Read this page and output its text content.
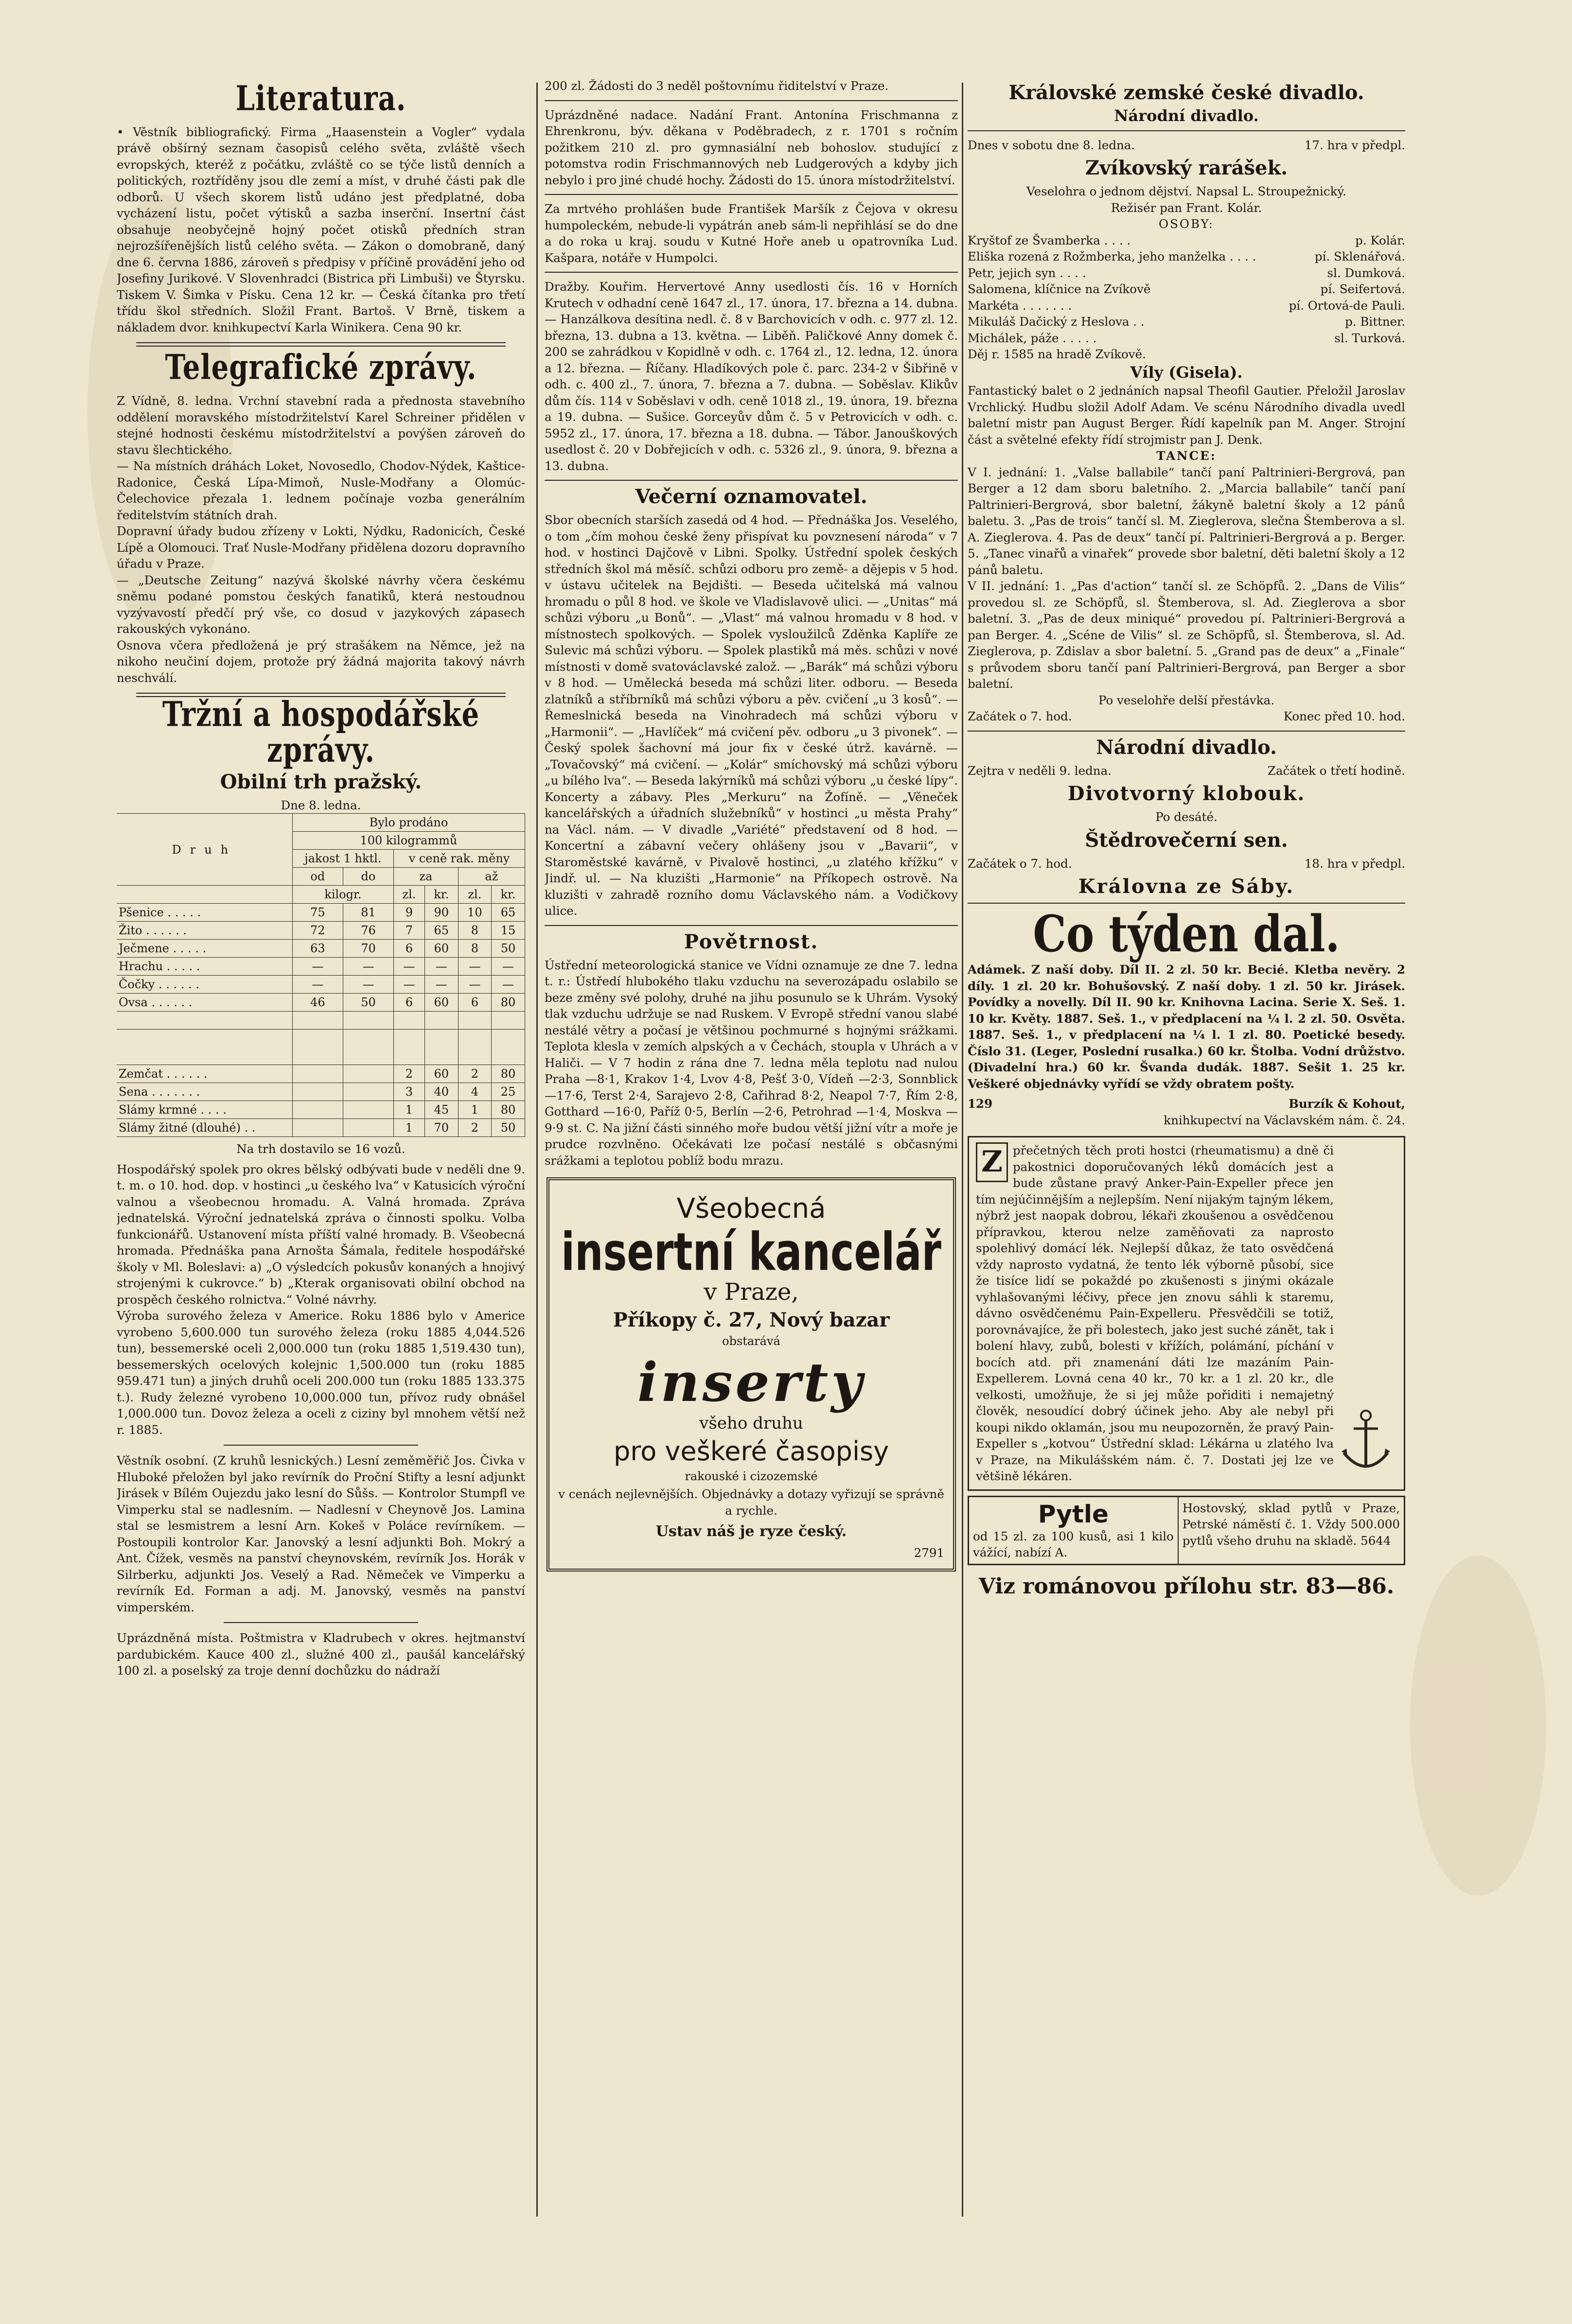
Literatura.

• Věstník bibliografický. Firma „Haasenstein a Vogler“ vydala právě obšírný seznam časopisů celého světa, zvláště všech evropských, kteréž z počátku, zvláště co se týče listů denních a politických, roztříděny jsou dle zemí a míst, v druhé části pak dle odborů. U všech skorem listů udáno jest předplatné, doba vycházení listu, počet výtisků a sazba inserční. Insertní část obsahuje neobyčejně hojný počet otisků předních stran nejrozšířenějších listů celého světa. — Zákon o domobraně, daný dne 6. června 1886, zároveň s předpisy v příčině provádění jeho od Josefiny Jurikové. V Slovenhradci (Bistrica při Limbuši) ve Štyrsku. Tiskem V. Šimka v Písku. Cena 12 kr. — Česká čítanka pro třetí třídu škol středních. Složil Frant. Bartoš. V Brně, tiskem a nákladem dvor. knihkupectví Karla Winikera. Cena 90 kr.

Telegrafické zprávy.

Z Vídně, 8. ledna. Vrchní stavební rada a přednosta stavebního oddělení moravského místodržitelství Karel Schreiner přidělen v stejné hodnosti českému místodržitelství a povýšen zároveň do stavu šlechtického.

— Na místních dráhách Loket, Novosedlo, Chodov-Nýdek, Kaštice-Radonice, Česká Lípa-Mimoň, Nusle-Modřany a Olomúc-Čelechovice přezala 1. lednem počínaje vozba generálním ředitelstvím státních drah.

Dopravní úřady budou zřízeny v Lokti, Nýdku, Radonicích, České Lípě a Olomouci. Trať Nusle-Modřany přidělena dozoru dopravního úřadu v Praze.

— „Deutsche Zeitung“ nazývá školské návrhy včera českému sněmu podané pomstou českých fanatiků, která nestoudnou vyzývavostí předčí prý vše, co dosud v jazykových zápasech rakouských vykonáno.

Osnova včera předložená je prý strašákem na Němce, jež na nikoho neučiní dojem, protože prý žádná majorita takový návrh neschválí.

Tržní a hospodářské zprávy.
Obilní trh pražský.

Dne 8. ledna.

Druh	Bylo prodáno					
	100 kilogrammů					
	jakost 1 hktl.		v ceně rak. měny			
	od	do	za		až	
	kilogr.		zl.	kr.	zl.	kr.
Pšenice . . . . .	75	81	9	90	10	65
Žito . . . . . .	72	76	7	65	8	15
Ječmene . . . . .	63	70	6	60	8	50
Hrachu . . . . .	—	—	—	—	—	—
Čočky . . . . . .	—	—	—	—	—	—
Ovsa . . . . . .	46	50	6	60	6	80

Zemčat . . . . . .			2	60	2	80
Sena . . . . . . .			3	40	4	25
Slámy krmné . . . .			1	45	1	80
Slámy žitné (dlouhé) . .			1	70	2	50

Na trh dostavilo se 16 vozů.

Hospodářský spolek pro okres bělský odbývati bude v neděli dne 9. t. m. o 10. hod. dop. v hostinci „u českého lva“ v Katusicích výroční valnou a všeobecnou hromadu. A. Valná hromada. Zpráva jednatelská. Výroční jednatelská zpráva o činnosti spolku. Volba funkcionářů. Ustanovení místa příští valné hromady. B. Všeobecná hromada. Přednáška pana Arnošta Šámala, ředitele hospodářské školy v Ml. Boleslavi: a) „O výsledcích pokusův konaných a hnojivý strojenými k cukrovce.“ b) „Kterak organisovati obilní obchod na prospěch českého rolnictva.“ Volné návrhy.

Výroba surového železa v Americe. Roku 1886 bylo v Americe vyrobeno 5,600.000 tun surového železa (roku 1885 4,044.526 tun), bessemerské oceli 2,000.000 tun (roku 1885 1,519.430 tun), bessemerských ocelových kolejnic 1,500.000 tun (roku 1885 959.471 tun) a jiných druhů oceli 200.000 tun (roku 1885 133.375 t.). Rudy železné vyrobeno 10,000.000 tun, přívoz rudy obnášel 1,000.000 tun. Dovoz železa a oceli z ciziny byl mnohem větší než r. 1885.

Věstník osobní. (Z kruhů lesnických.) Lesní zeměměřič Jos. Čivka v Hluboké přeložen byl jako revírník do Proční Stifty a lesní adjunkt Jirásek v Bílém Oujezdu jako lesní do Sůšs. — Kontrolor Stumpfl ve Vimperku stal se nadlesním. — Nadlesní v Cheynově Jos. Lamina stal se lesmistrem a lesní Arn. Kokeš v Poláce revírníkem. — Postoupili kontrolor Kar. Janovský a lesní adjunkti Boh. Mokrý a Ant. Čížek, vesměs na panství cheynovském, revírník Jos. Horák v Silrberku, adjunkti Jos. Veselý a Rad. Němeček ve Vimperku a revírník Ed. Forman a adj. M. Janovský, vesměs na panství vimperském.

Uprázdněná místa. Poštmistra v Kladrubech v okres. hejtmanství pardubickém. Kauce 400 zl., služné 400 zl., paušál kancelářský 100 zl. a poselský za troje denní dochůzku do nádraží

200 zl. Žádosti do 3 neděl poštovnímu řiditelství v Praze.

Uprázdněné nadace. Nadání Frant. Antonína Frischmanna z Ehrenkronu, býv. děkana v Poděbradech, z r. 1701 s ročním požitkem 210 zl. pro gymnasiální neb bohoslov. studující z potomstva rodin Frischmannových neb Ludgerových a kdyby jich nebylo i pro jiné chudé hochy. Žádosti do 15. února místodržitelství.

Za mrtvého prohlášen bude František Maršík z Čejova v okresu humpoleckém, nebude-li vypátrán aneb sám-li nepřihlásí se do dne a do roka u kraj. soudu v Kutné Hoře aneb u opatrovníka Lud. Kašpara, notáře v Humpolci.

Dražby. Kouřim. Hervertové Anny usedlosti čís. 16 v Horních Krutech v odhadní ceně 1647 zl., 17. února, 17. března a 14. dubna. — Hanzálkova desítina nedl. č. 8 v Barchovicích v odh. c. 977 zl. 12. března, 13. dubna a 13. května. — Liběň. Paličkové Anny domek č. 200 se zahrádkou v Kopidlně v odh. c. 1764 zl., 12. ledna, 12. února a 12. března. — Říčany. Hladíkových pole č. parc. 234-2 v Šibřině v odh. c. 400 zl., 7. února, 7. března a 7. dubna. — Soběslav. Klikův dům čís. 114 v Soběslavi v odh. ceně 1018 zl., 19. února, 19. března a 19. dubna. — Sušice. Gorceyův dům č. 5 v Petrovicích v odh. c. 5952 zl., 17. února, 17. března a 18. dubna. — Tábor. Janouškových usedlost č. 20 v Dobřejicích v odh. c. 5326 zl., 9. února, 9. března a 13. dubna.

Večerní oznamovatel.

Sbor obecních starších zasedá od 4 hod. — Přednáška Jos. Veselého, o tom „čím mohou české ženy přispívat ku povznesení národa“ v 7 hod. v hostinci Dajčově v Libni. Spolky. Ústřední spolek českých středních škol má měsíč. schůzi odboru pro země- a dějepis v 5 hod. v ústavu učitelek na Bejdišti. — Beseda učitelská má valnou hromadu o půl 8 hod. ve škole ve Vladislavově ulici. — „Unitas“ má schůzi výboru „u Bonů“. — „Vlast“ má valnou hromadu v 8 hod. v místnostech spolkových. — Spolek vysloužilců Zděnka Kaplíře ze Sulevic má schůzi výboru. — Spolek plastiků má měs. schůzi v nové místnosti v domě svatováclavské založ. — „Barák“ má schůzi výboru v 8 hod. — Umělecká beseda má schůzi liter. odboru. — Beseda zlatníků a stříbrníků má schůzi výboru a pěv. cvičení „u 3 kosů“. — Řemeslnická beseda na Vinohradech má schůzi výboru v „Harmonii“. — „Havlíček“ má cvičení pěv. odboru „u 3 pivonek“. — Český spolek šachovní má jour fix v české útrž. kavárně. — „Tovačovský“ má cvičení. — „Kolár“ smíchovský má schůzi výboru „u bílého lva“. — Beseda lakýrníků má schůzi výboru „u české lípy“. Koncerty a zábavy. Ples „Merkuru“ na Žofíně. — „Věneček kancelářských a úřadních služebníků“ v hostinci „u města Prahy“ na Václ. nám. — V divadle „Variété“ představení od 8 hod. — Koncertní a zábavní večery ohlášeny jsou v „Bavarii“, v Staroměstské kavárně, v Pivalově hostinci, „u zlatého křížku“ v Jindř. ul. — Na kluzišti „Harmonie“ na Příkopech ostrově. Na kluzišti v zahradě rozního domu Václavského nám. a Vodičkovy ulice.

Povětrnost.

Ústřední meteorologická stanice ve Vídni oznamuje ze dne 7. ledna t. r.: Ústředí hlubokého tlaku vzduchu na severozápadu oslabilo se beze změny své polohy, druhé na jihu posunulo se k Uhrám. Vysoký tlak vzduchu udržuje se nad Ruskem. V Evropě střední vanou slabé nestálé větry a počasí je většinou pochmurné s hojnými srážkami. Teplota klesla v zemích alpských a v Čechách, stoupla v Uhrách a v Haliči. — V 7 hodin z rána dne 7. ledna měla teplotu nad nulou Praha —8·1, Krakov 1·4, Lvov 4·8, Pešť 3·0, Vídeň —2·3, Sonnblick —17·6, Terst 2·4, Sarajevo 2·8, Cařihrad 8·2, Neapol 7·7, Řím 2·8, Gotthard —16·0, Paříž 0·5, Berlín —2·6, Petrohrad —1·4, Moskva —9·9 st. C. Na jižní části sinného moře budou větší jižní vítr a moře je prudce rozvlněno. Očekávati lze počasí nestálé s občasnými srážkami a teplotou poblíž bodu mrazu.

Všeobecná
insertní kancelář
v Praze,
Příkopy č. 27, Nový bazar
obstarává
inserty
všeho druhu
pro veškeré časopisy
rakouské i cizozemské

v cenách nejlevnějších. Objednávky a dotazy vyřizují se správně a rychle.

Ustav náš je ryze český.

2791

Královské zemské české divadlo.
Národní divadlo.
Dnes v sobotu dne 8. ledna.	17. hra v předpl.
Zvíkovský rarášek.

Veselohra o jednom dějství. Napsal L. Stroupežnický.

Režisér pan Frant. Kolár.

OSOBY:

Kryštof ze Švamberka . . . .	p. Kolár.
Eliška rozená z Rožmberka, jeho manželka . . . .	pí. Sklenářová.
Petr, jejich syn . . . .	sl. Dumková.
Salomena, klíčnice na Zvíkově	pí. Seifertová.
Markéta . . . . . . .	pí. Ortová-de Pauli.
Mikuláš Dačický z Heslova . .	p. Bittner.
Michálek, páže . . . . .	sl. Turková.

Děj r. 1585 na hradě Zvíkově.

Víly (Gisela).

Fantastický balet o 2 jednáních napsal Theofil Gautier. Přeložil Jaroslav Vrchlický. Hudbu složil Adolf Adam. Ve scénu Národního divadla uvedl baletní mistr pan August Berger. Řídí kapelník pan M. Anger. Strojní část a světelné efekty řídí strojmistr pan J. Denk.

TANCE:

V I. jednání: 1. „Valse ballabile“ tančí paní Paltrinieri-Bergrová, pan Berger a 12 dam sboru baletního. 2. „Marcia ballabile“ tančí paní Paltrinieri-Bergrová, sbor baletní, žákyně baletní školy a 12 pánů baletu. 3. „Pas de trois“ tančí sl. M. Zieglerova, slečna Štemberova a sl. A. Zieglerova. 4. Pas de deux“ tančí pí. Paltrinieri-Bergrová a p. Berger. 5. „Tanec vinařů a vinařek“ provede sbor baletní, děti baletní školy a 12 pánů baletu.

V II. jednání: 1. „Pas d'action“ tančí sl. ze Schöpfů. 2. „Dans de Vilis“ provedou sl. ze Schöpfů, sl. Štemberova, sl. Ad. Zieglerova a sbor baletní. 3. „Pas de deux miniqué“ provedou pí. Paltrinieri-Bergrová a pan Berger. 4. „Scéne de Vilis“ sl. ze Schöpfů, sl. Štemberova, sl. Ad. Zieglerova, p. Zdislav a sbor baletní. 5. „Grand pas de deux“ a „Finale“ s průvodem sboru tančí paní Paltrinieri-Bergrová, pan Berger a sbor baletní.

Po veselohře delší přestávka.

Začátek o 7. hod.	Konec před 10. hod.
Národní divadlo.
Zejtra v neděli 9. ledna.	Začátek o třetí hodině.
Divotvorný klobouk.

Po desáté.

Štědrovečerní sen.
Začátek o 7. hod.	18. hra v předpl.
Královna ze Sáby.
Co týden dal.

Adámek. Z naší doby. Díl II. 2 zl. 50 kr. Becié. Kletba nevěry. 2 díly. 1 zl. 20 kr. Bohušovský. Z naší doby. 1 zl. 50 kr. Jirásek. Povídky a novelly. Díl II. 90 kr. Knihovna Lacina. Serie X. Seš. 1. 10 kr. Květy. 1887. Seš. 1., v předplacení na ¼ l. 2 zl. 50. Osvěta. 1887. Seš. 1., v předplacení na ¼ l. 1 zl. 80. Poetické besedy. Číslo 31. (Leger, Poslední rusalka.) 60 kr. Štolba. Vodní drůžstvo. (Divadelní hra.) 60 kr. Švanda dudák. 1887. Sešit 1. 25 kr. Veškeré objednávky vyřídí se vždy obratem pošty.

129	Burzík & Kohout,

knihkupectví na Václavském nám. č. 24.

Z přečetných těch proti hostci (rheumatismu) a dně či pakostnici doporučovaných léků domácích jest a bude zůstane pravý Anker-Pain-Expeller přece jen tím nejúčinnějším a nejlepším. Není nijakým tajným lékem, nýbrž jest naopak dobrou, lékaři zkoušenou a osvědčenou přípravkou, kterou nelze zaměňovati za naprosto spolehlivý domácí lék. Nejlepší důkaz, že tato osvědčená vždy naprosto vydatná, že tento lék výborně působí, sice že tisíce lidí se pokaždé po zkušenosti s jinými okázale vyhlašovanými léčivy, přece jen znovu sáhli k staremu, dávno osvědčenému Pain-Expelleru. Přesvědčili se totiž, porovnávajíce, že při bolestech, jako jest suché zánět, tak i bolení hlavy, zubů, bolesti v křížích, polámání, píchání v bocích atd. při znamenání dáti lze mazáním Pain-Expellerem. Lovná cena 40 kr., 70 kr. a 1 zl. 20 kr., dle velkosti, umožňuje, že si jej může pořiditi i nemajetný člověk, nesoudící dobrý účinek jeho. Aby ale nebyl při koupi nikdo oklamán, jsou mu neupozorněn, že pravý Pain-Expeller s „kotvou“ Ústřední sklad: Lékárna u zlatého lva v Praze, na Mikulášském nám. č. 7. Dostati jej lze ve většině lékáren.

Pytle

od 15 zl. za 100 kusů, asi 1 kilo vážící, nabízí A.

Hostovský, sklad pytlů v Praze, Petrské náměstí č. 1. Vždy 500.000 pytlů všeho druhu na skladě. 5644

Viz románovou přílohu str. 83—86.
